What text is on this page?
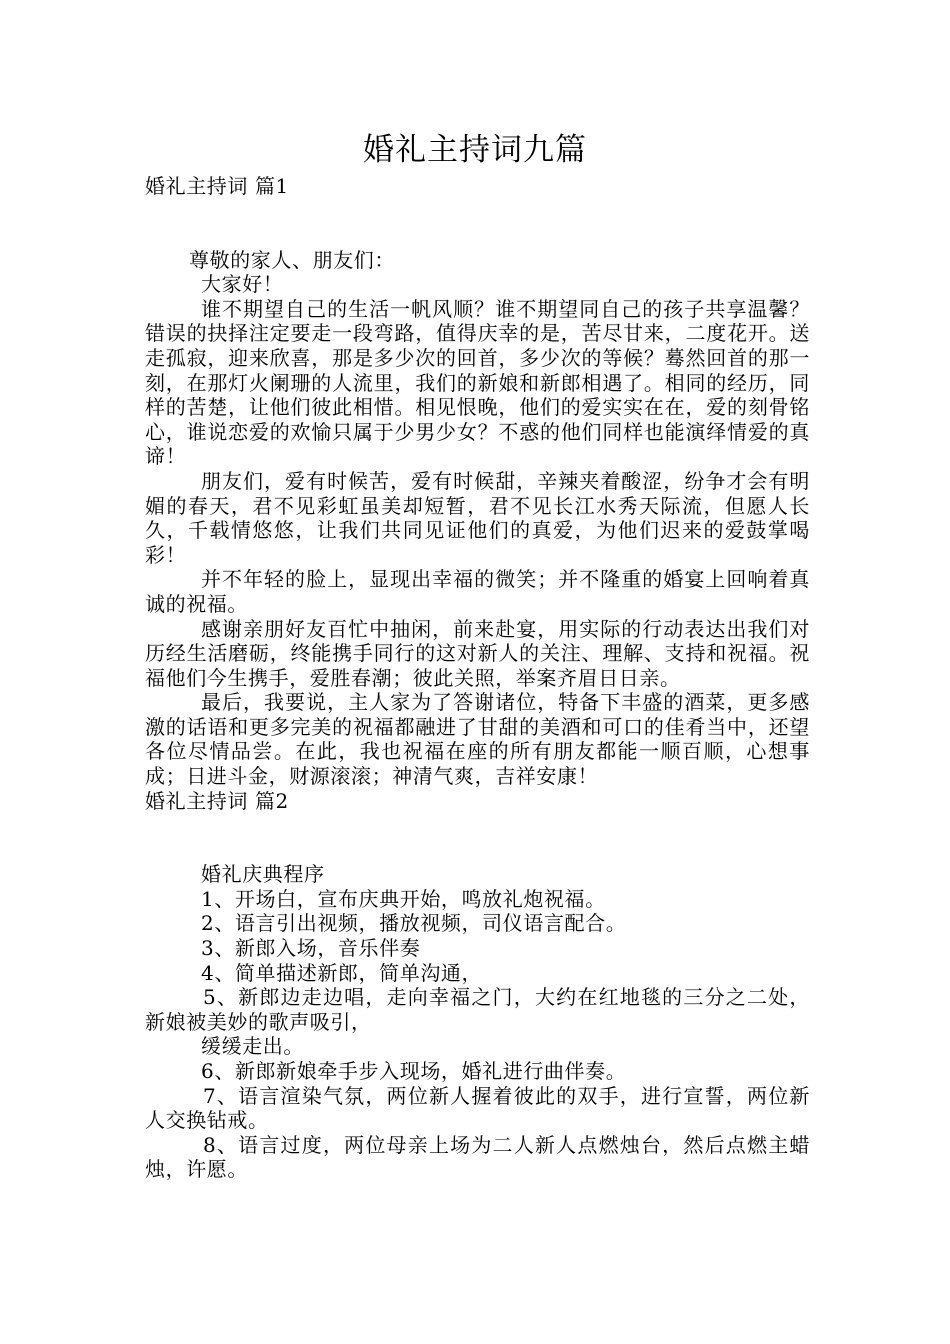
婚礼主持词九篇

婚礼主持词 篇1

尊敬的家人、朋友们：

大家好！

谁不期望自己的生活一帆风顺？谁不期望同自己的孩子共享温馨？错误的抉择注定要走一段弯路，值得庆幸的是，苦尽甘来，二度花开。送走孤寂，迎来欣喜，那是多少次的回首，多少次的等候？蓦然回首的那一刻，在那灯火阑珊的人流里，我们的新娘和新郎相遇了。相同的经历，同样的苦楚，让他们彼此相惜。相见恨晚，他们的爱实实在在，爱的刻骨铭心，谁说恋爱的欢愉只属于少男少女？不惑的他们同样也能演绎情爱的真谛！

朋友们，爱有时候苦，爱有时候甜，辛辣夹着酸涩，纷争才会有明媚的春天，君不见彩虹虽美却短暂，君不见长江水秀天际流，但愿人长久，千载情悠悠，让我们共同见证他们的真爱，为他们迟来的爱鼓掌喝彩！

并不年轻的脸上，显现出幸福的微笑；并不隆重的婚宴上回响着真诚的祝福。

感谢亲朋好友百忙中抽闲，前来赴宴，用实际的行动表达出我们对历经生活磨砺，终能携手同行的这对新人的关注、理解、支持和祝福。祝福他们今生携手，爱胜春潮；彼此关照，举案齐眉日日亲。

最后，我要说，主人家为了答谢诸位，特备下丰盛的酒菜，更多感激的话语和更多完美的祝福都融进了甘甜的美酒和可口的佳肴当中，还望各位尽情品尝。在此，我也祝福在座的所有朋友都能一顺百顺，心想事成；日进斗金，财源滚滚；神清气爽，吉祥安康！

婚礼主持词 篇2

婚礼庆典程序

1、开场白，宣布庆典开始，鸣放礼炮祝福。

2、语言引出视频，播放视频，司仪语言配合。

3、新郎入场，音乐伴奏

4、简单描述新郎，简单沟通，

5、新郎边走边唱，走向幸福之门，大约在红地毯的三分之二处，新娘被美妙的歌声吸引，

缓缓走出。

6、新郎新娘牵手步入现场，婚礼进行曲伴奏。

7、语言渲染气氛，两位新人握着彼此的双手，进行宣誓，两位新人交换钻戒。

8、语言过度，两位母亲上场为二人新人点燃烛台，然后点燃主蜡烛，许愿。
